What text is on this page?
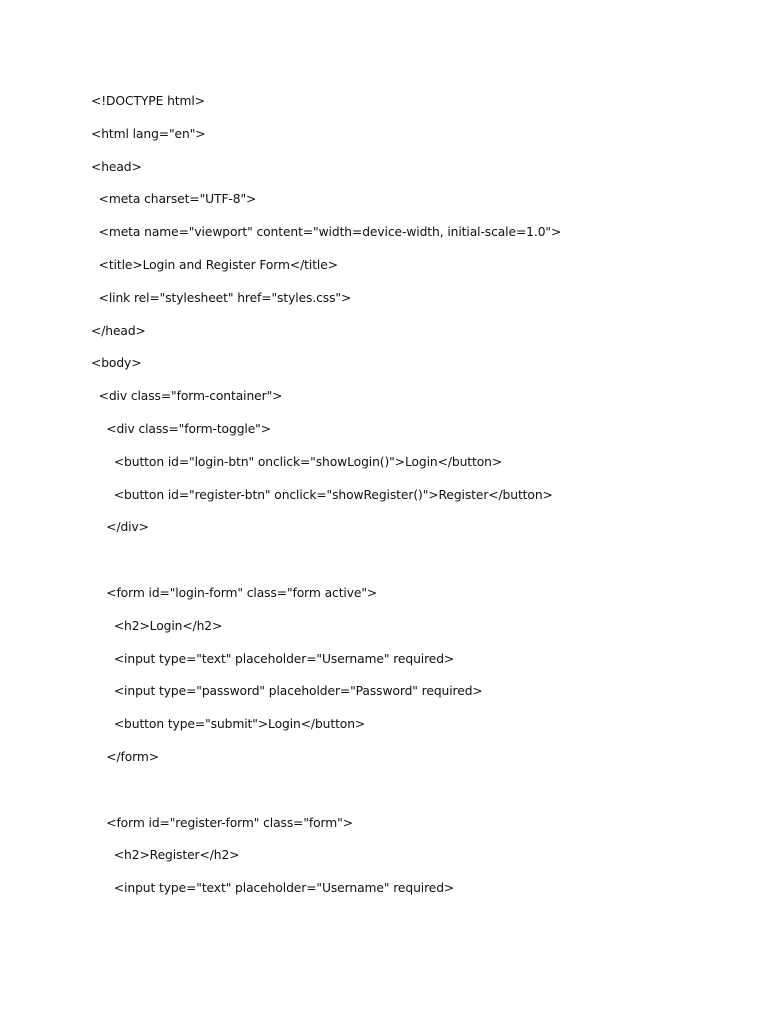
<!DOCTYPE html>
<html lang="en">
<head>
<meta charset="UTF-8">
<meta name="viewport" content="width=device-width, initial-scale=1.0">
<title>Login and Register Form</title>
<link rel="stylesheet" href="styles.css">
</head>
<body>
<div class="form-container">
<div class="form-toggle">
<button id="login-btn" onclick="showLogin()">Login</button>
<button id="register-btn" onclick="showRegister()">Register</button>
</div>
<form id="login-form" class="form active">
<h2>Login</h2>
<input type="text" placeholder="Username" required>
<input type="password" placeholder="Password" required>
<button type="submit">Login</button>
</form>
<form id="register-form" class="form">
<h2>Register</h2>
<input type="text" placeholder="Username" required>
